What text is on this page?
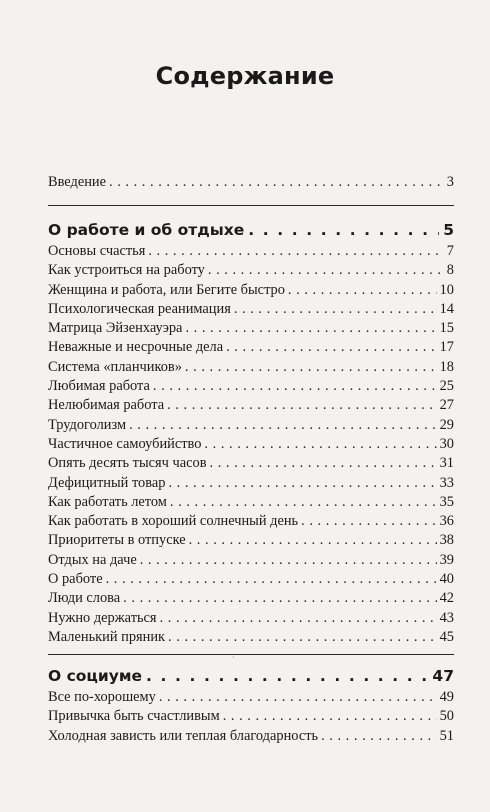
Содержание
Введение . . .	3
О работе и об отдыхе . . .	5
Основы счастья . . .	7
Как устроиться на работу . . .	8
Женщина и работа, или Бегите быстро . . .	10
Психологическая реанимация . . .	14
Матрица Эйзенхауэра . . .	15
Неважные и несрочные дела . . .	17
Система «планчиков» . . .	18
Любимая работа . . .	25
Нелюбимая работа . . .	27
Трудоголизм . . .	29
Частичное самоубийство . . .	30
Опять десять тысяч часов . . .	31
Дефицитный товар . . .	33
Как работать летом . . .	35
Как работать в хороший солнечный день . . .	36
Приоритеты в отпуске . . .	38
Отдых на даче . . .	39
О работе . . .	40
Люди слова . . .	42
Нужно держаться . . .	43
Маленький пряник . . .	45
ˏ
О социуме . . .	47
Все по-хорошему . . .	49
Привычка быть счастливым . . .	50
Холодная зависть или теплая благодарность . . .	51
